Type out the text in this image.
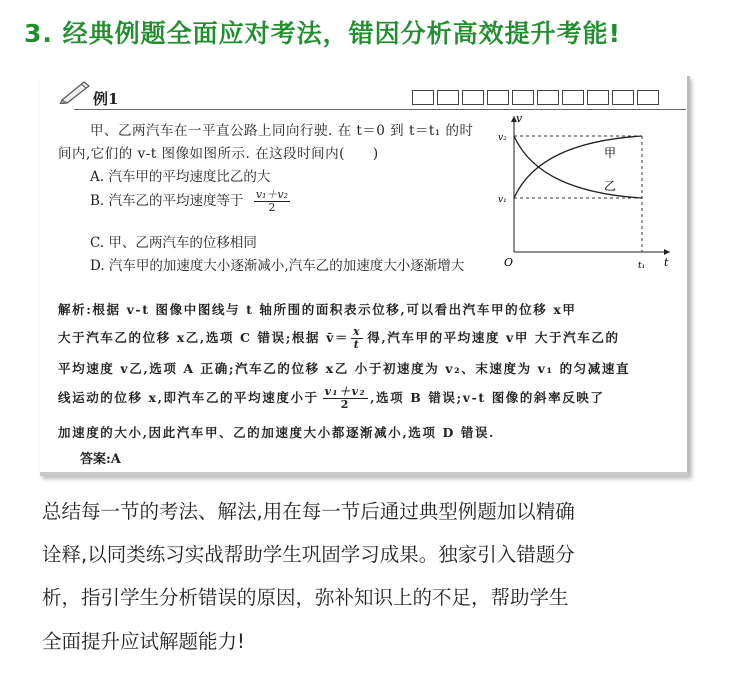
3. 经典例题全面应对考法，错因分析高效提升考能!
例1
甲、乙两汽车在一平直公路上同向行驶. 在 t＝0 到 t＝t₁ 的时
间内,它们的 v-t 图像如图所示. 在这段时间内(　　)
A. 汽车甲的平均速度比乙的大
B. 汽车乙的平均速度等于 $\frac{\text{v₁＋v₂}}{2}$
C. 甲、乙两汽车的位移相同
D. 汽车甲的加速度大小逐渐减小,汽车乙的加速度大小逐渐增大
v
t
O
v₂
v₁
t₁
甲
乙
解析:根据 v-t 图像中图线与 t 轴所围的面积表示位移,可以看出汽车甲的位移 x甲
大于汽车乙的位移 x乙,选项 C 错误;根据 v̄＝ $\frac{x}{t}$ 得,汽车甲的平均速度 v甲 大于汽车乙的
平均速度 v乙,选项 A 正确;汽车乙的位移 x乙 小于初速度为 v₂、末速度为 v₁ 的匀减速直
线运动的位移 x,即汽车乙的平均速度小于 $\frac{\text{v₁＋v₂}}{2}$ ,选项 B 错误;v-t 图像的斜率反映了
加速度的大小,因此汽车甲、乙的加速度大小都逐渐减小,选项 D 错误.
答案:A
总结每一节的考法、解法,用在每一节后通过典型例题加以精确
诠释,以同类练习实战帮助学生巩固学习成果。独家引入错题分
析，指引学生分析错误的原因，弥补知识上的不足，帮助学生
全面提升应试解题能力!
